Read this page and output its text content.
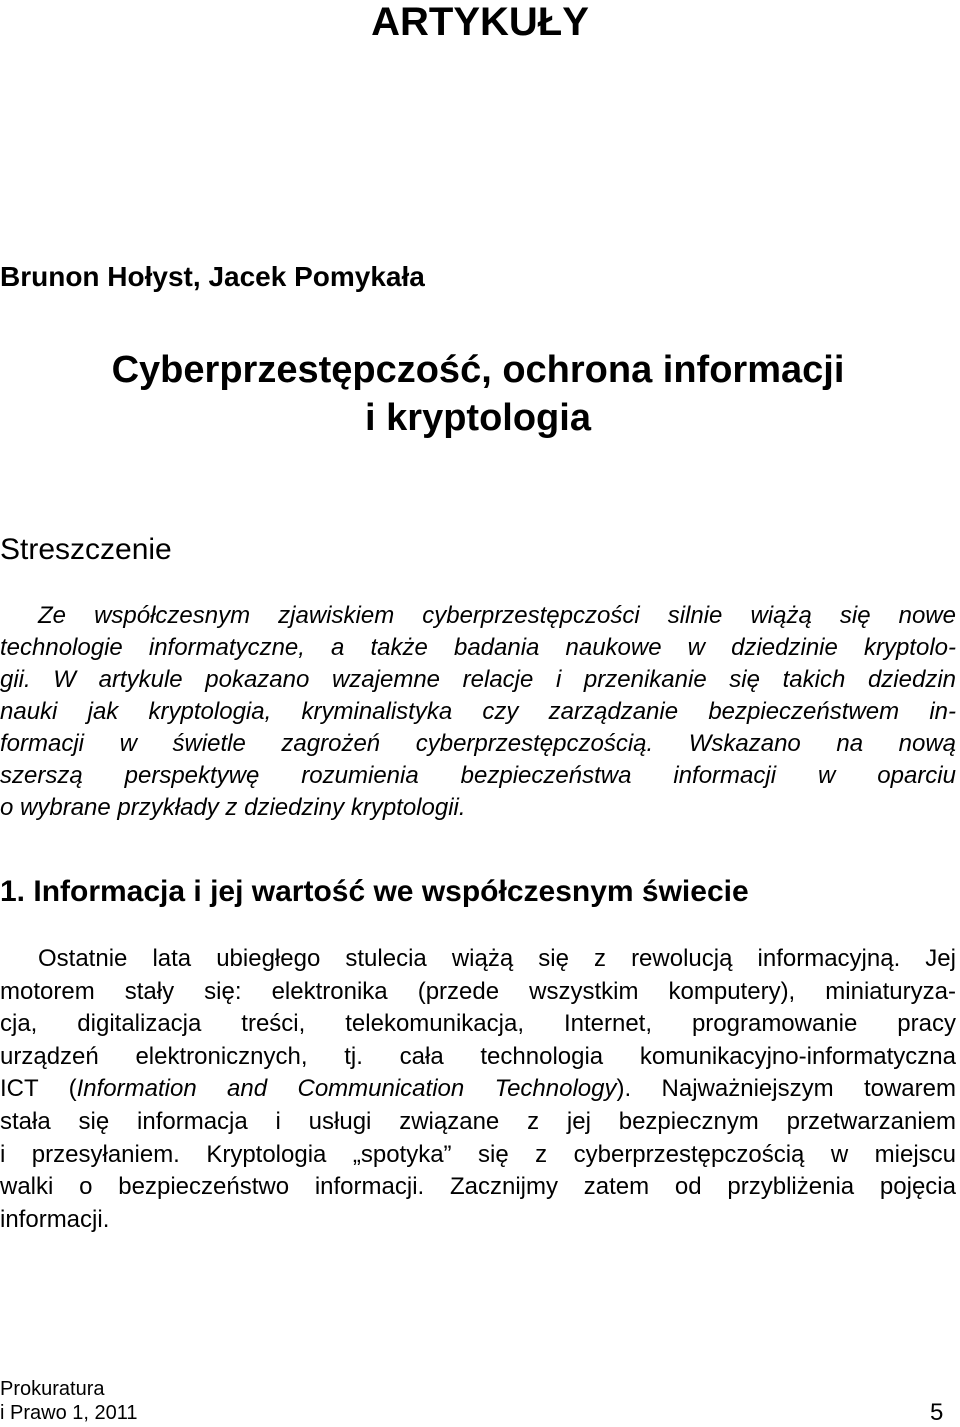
ARTYKUŁY
Brunon Hołyst, Jacek Pomykała
Cyberprzestępczość, ochrona informacji
i kryptologia
Streszczenie
Ze współczesnym zjawiskiem cyberprzestępczości silnie wiążą się nowe
technologie informatyczne, a także badania naukowe w dziedzinie kryptolo-
gii. W artykule pokazano wzajemne relacje i przenikanie się takich dziedzin
nauki jak kryptologia, kryminalistyka czy zarządzanie bezpieczeństwem in-
formacji w świetle zagrożeń cyberprzestępczością. Wskazano na nową
szerszą perspektywę rozumienia bezpieczeństwa informacji w oparciu
o wybrane przykłady z dziedziny kryptologii.
1. Informacja i jej wartość we współczesnym świecie
Ostatnie lata ubiegłego stulecia wiążą się z rewolucją informacyjną. Jej
motorem stały się: elektronika (przede wszystkim komputery), miniaturyza-
cja, digitalizacja treści, telekomunikacja, Internet, programowanie pracy
urządzeń elektronicznych, tj. cała technologia komunikacyjno-informatyczna
ICT (Information and Communication Technology). Najważniejszym towarem
stała się informacja i usługi związane z jej bezpiecznym przetwarzaniem
i przesyłaniem. Kryptologia „spotyka” się z cyberprzestępczością w miejscu
walki o bezpieczeństwo informacji. Zacznijmy zatem od przybliżenia pojęcia
informacji.
Prokuratura
i Prawo 1, 2011	5
